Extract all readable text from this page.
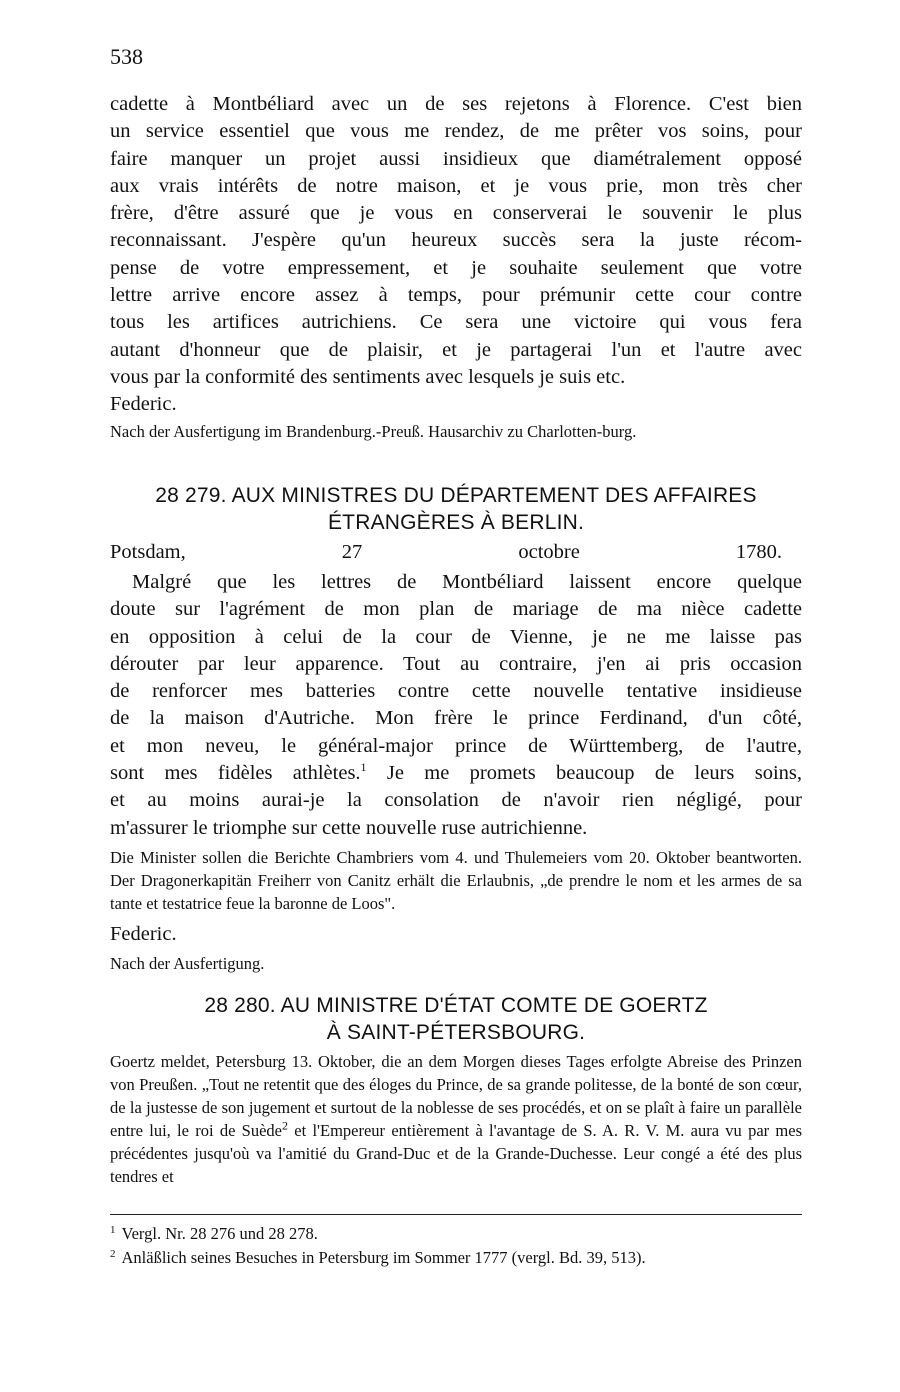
538
cadette à Montbéliard avec un de ses rejetons à Florence. C'est bien
un service essentiel que vous me rendez, de me prêter vos soins, pour
faire manquer un projet aussi insidieux que diamétralement opposé
aux vrais intérêts de notre maison, et je vous prie, mon très cher
frère, d'être assuré que je vous en conserverai le souvenir le plus
reconnaissant. J'espère qu'un heureux succès sera la juste récom-
pense de votre empressement, et je souhaite seulement que votre
lettre arrive encore assez à temps, pour prémunir cette cour contre
tous les artifices autrichiens. Ce sera une victoire qui vous fera
autant d'honneur que de plaisir, et je partagerai l'un et l'autre avec
vous par la conformité des sentiments avec lesquels je suis etc.
Federic.
Nach der Ausfertigung im Brandenburg.-Preuß. Hausarchiv zu Charlotten-burg.
28 279. AUX MINISTRES DU DÉPARTEMENT DES AFFAIRES
ÉTRANGÈRES À BERLIN.
Potsdam, 27 octobre 1780.
Malgré que les lettres de Montbéliard laissent encore quelque
doute sur l'agrément de mon plan de mariage de ma nièce cadette
en opposition à celui de la cour de Vienne, je ne me laisse pas
dérouter par leur apparence. Tout au contraire, j'en ai pris occasion
de renforcer mes batteries contre cette nouvelle tentative insidieuse
de la maison d'Autriche. Mon frère le prince Ferdinand, d'un côté,
et mon neveu, le général-major prince de Württemberg, de l'autre,
sont mes fidèles athlètes.$^1$ Je me promets beaucoup de leurs soins,
et au moins aurai-je la consolation de n'avoir rien négligé, pour
m'assurer le triomphe sur cette nouvelle ruse autrichienne.
Die Minister sollen die Berichte Chambriers vom 4. und Thulemeiers vom 20. Oktober beantworten. Der Dragonerkapitän Freiherr von Canitz erhält die Erlaubnis, „de prendre le nom et les armes de sa tante et testatrice feue la baronne de Loos".
Federic.
Nach der Ausfertigung.
28 280. AU MINISTRE D'ÉTAT COMTE DE GOERTZ
À SAINT-PÉTERSBOURG.
Goertz meldet, Petersburg 13. Oktober, die an dem Morgen dieses Tages erfolgte Abreise des Prinzen von Preußen. „Tout ne retentit que des éloges du Prince, de sa grande politesse, de la bonté de son cœur, de la justesse de son jugement et surtout de la noblesse de ses procédés, et on se plaît à faire un parallèle entre lui, le roi de Suède$^2$ et l'Empereur entièrement à l'avantage de S. A. R. V. M. aura vu par mes précédentes jusqu'où va l'amitié du Grand-Duc et de la Grande-Duchesse. Leur congé a été des plus tendres et
$^1$ Vergl. Nr. 28 276 und 28 278.
$^2$ Anläßlich seines Besuches in Petersburg im Sommer 1777 (vergl. Bd. 39, 513).
